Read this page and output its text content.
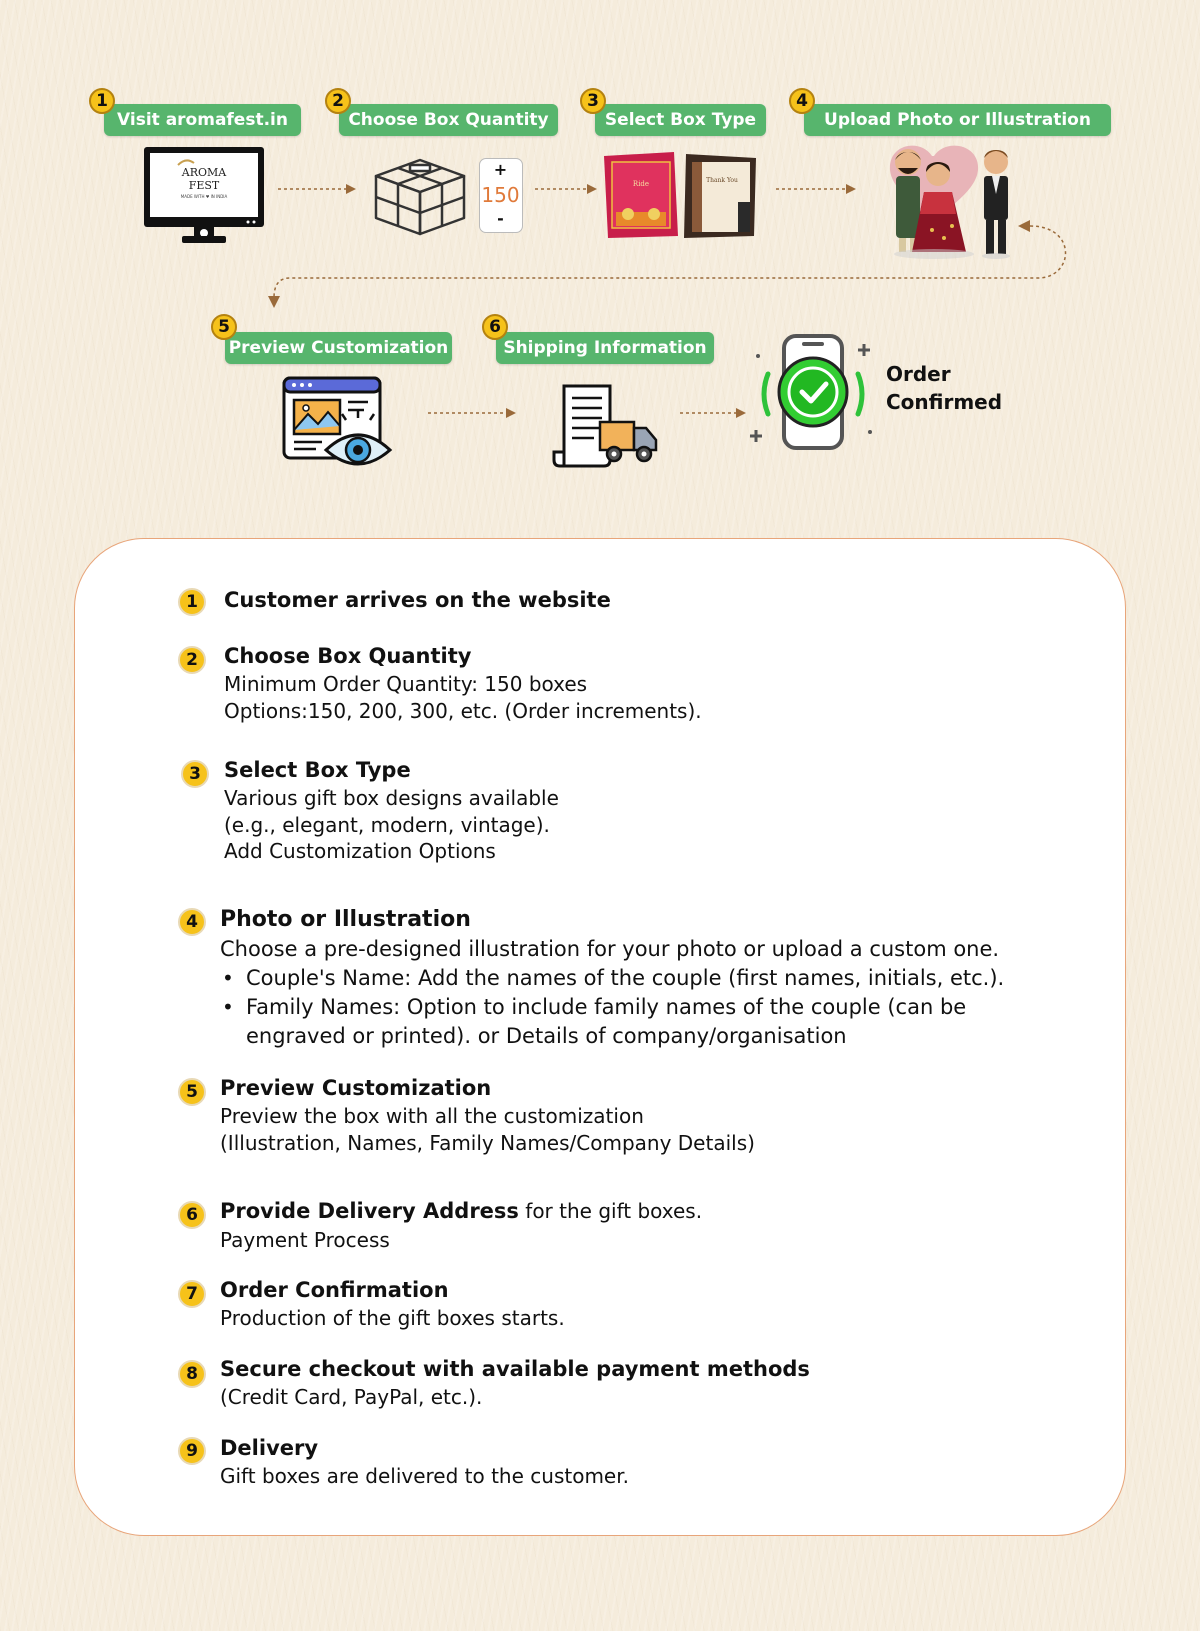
Visit aromafest.in
1
AROMA
FEST
MADE WITH ♥ IN INDIA
Choose Box Quantity
2
+
150
-
Select Box Type
3
Ride	Thank You
Upload Photo or Illustration
4
Preview Customization
5
Shipping Information
6
Order
Confirmed
1	Customer arrives on the website
2	Choose Box Quantity
Minimum Order Quantity: 150 boxes
Options:150, 200, 300, etc. (Order increments).
3	Select Box Type
Various gift box designs available
(e.g., elegant, modern, vintage).
Add Customization Options
4	Photo or Illustration
Choose a pre-designed illustration for your photo or upload a custom one.
• Couple's Name: Add the names of the couple (first names, initials, etc.).
• Family Names: Option to include family names of the couple (can be
engraved or printed). or Details of company/organisation
5	Preview Customization
Preview the box with all the customization
(Illustration, Names, Family Names/Company Details)
6	Provide Delivery Address for the gift boxes.
Payment Process
7	Order Confirmation
Production of the gift boxes starts.
8	Secure checkout with available payment methods
(Credit Card, PayPal, etc.).
9	Delivery
Gift boxes are delivered to the customer.
